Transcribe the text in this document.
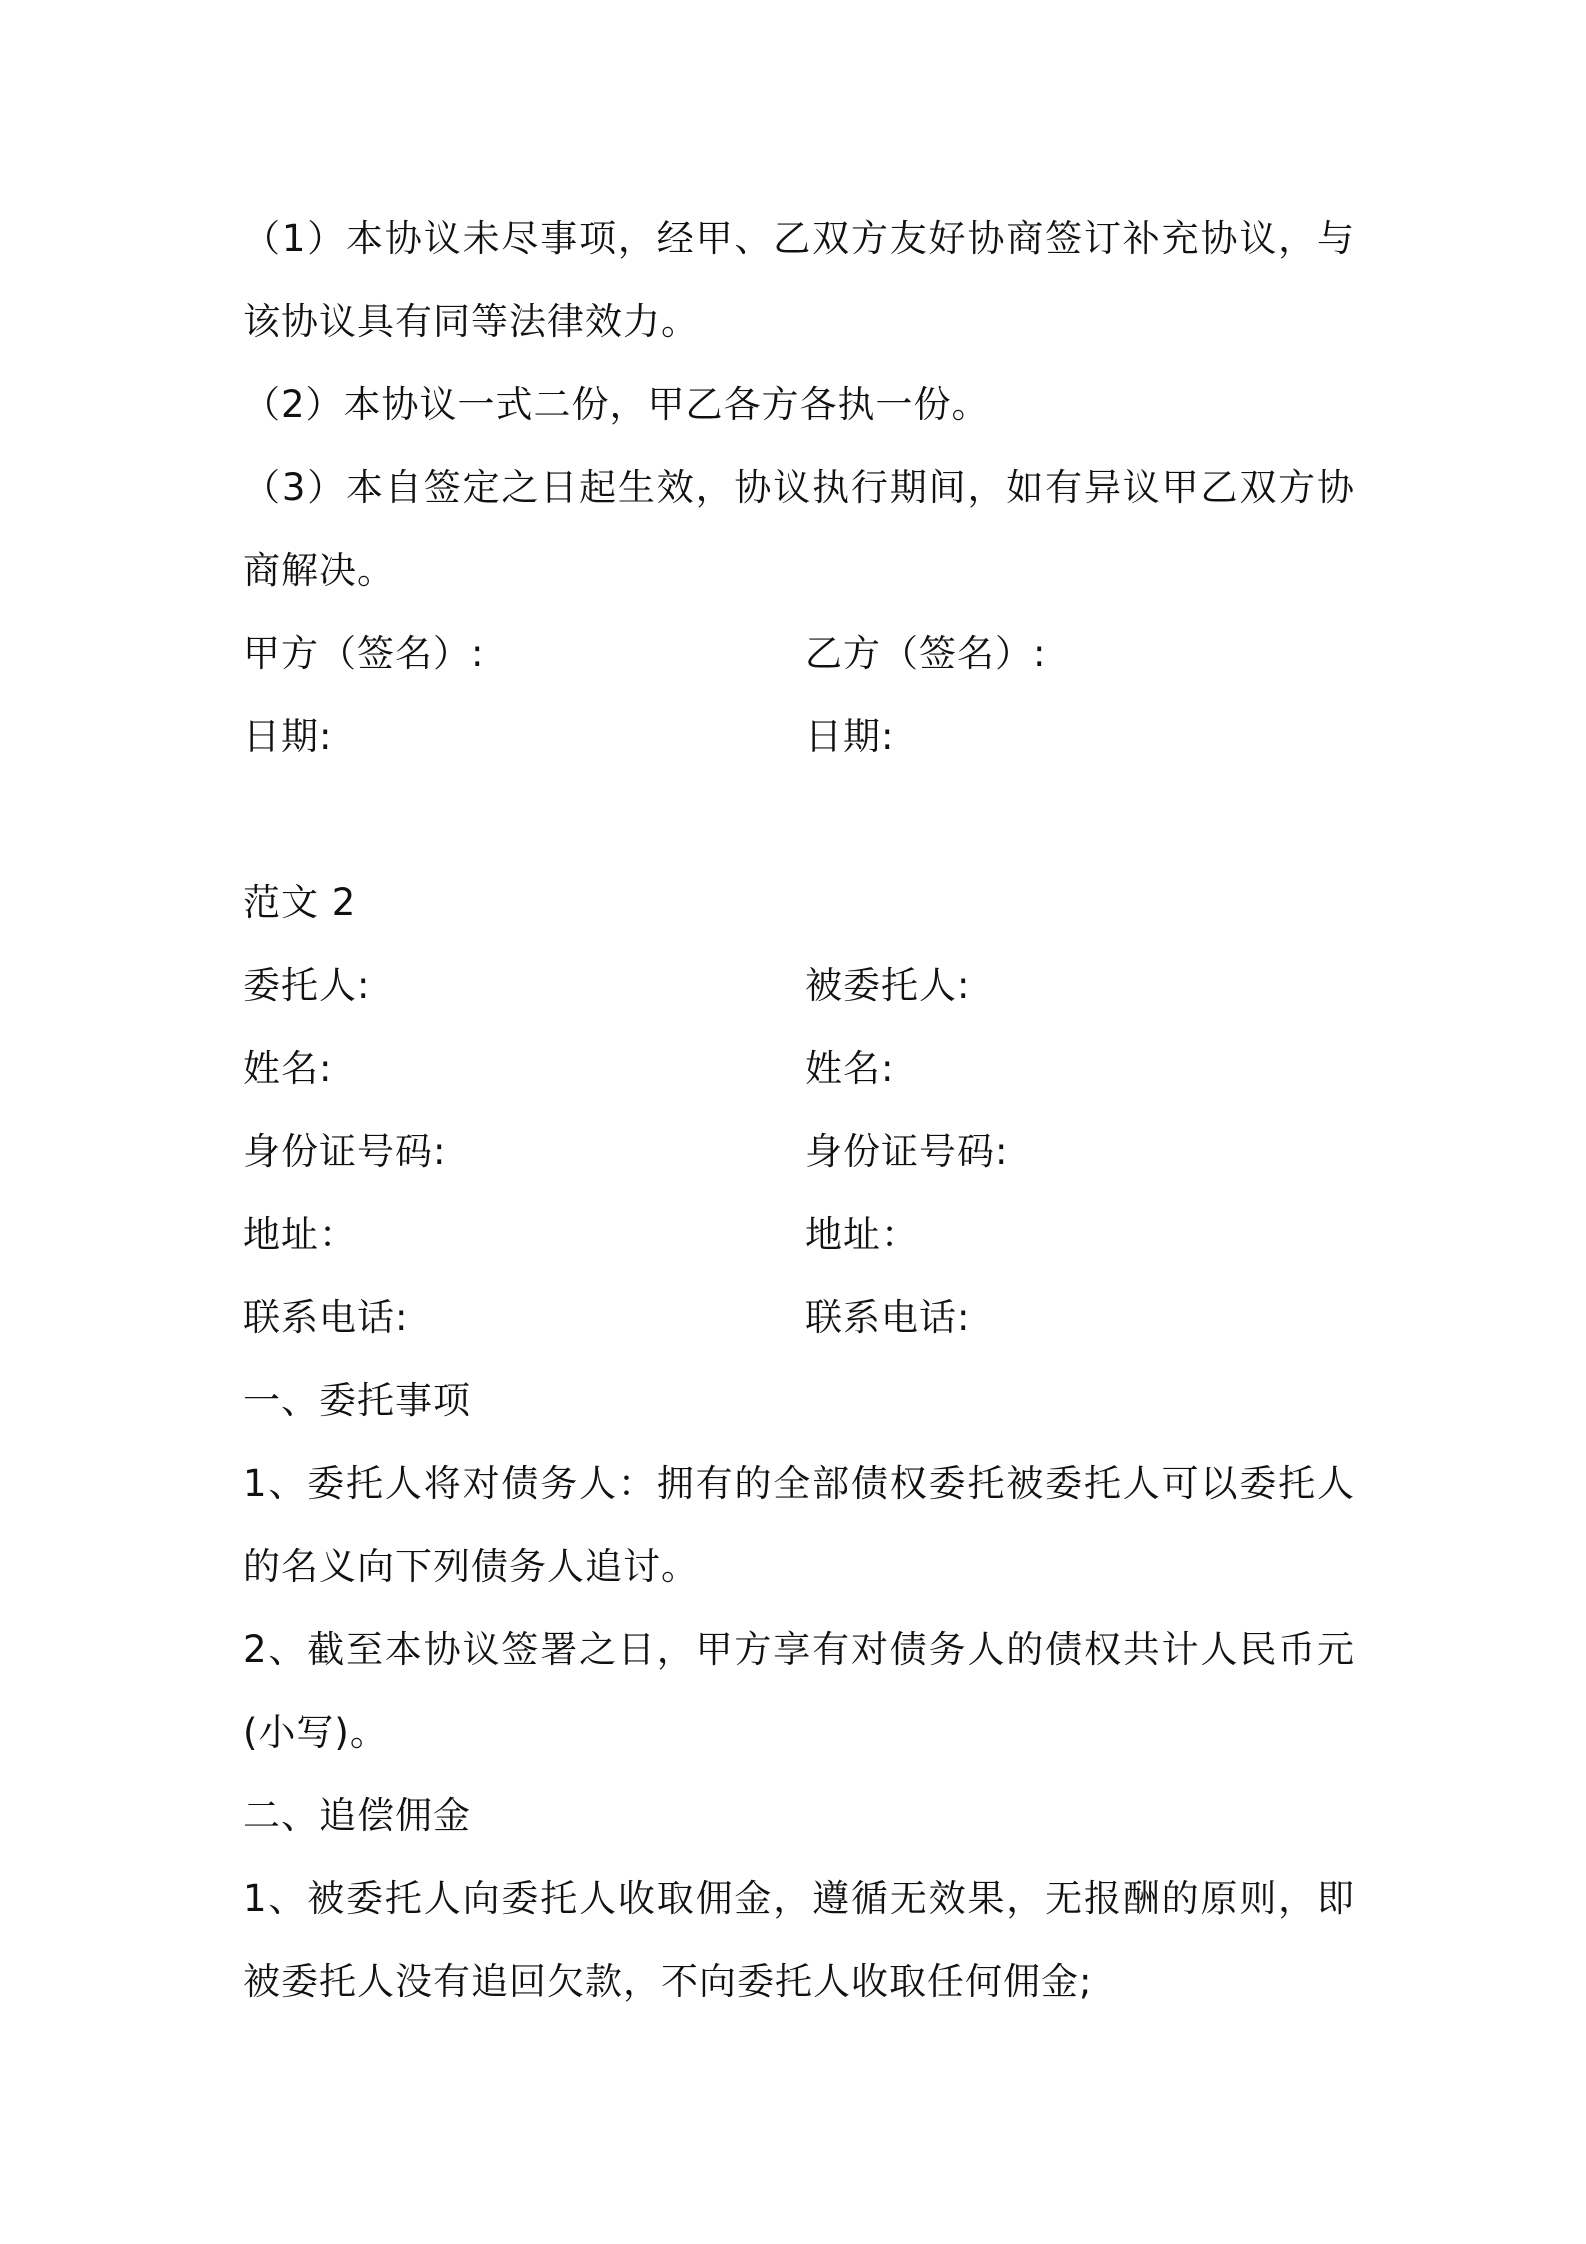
（1）本协议未尽事项，经甲、乙双方友好协商签订补充协议，与该协议具有同等法律效力。

（2）本协议一式二份，甲乙各方各执一份。

（3）本自签定之日起生效，协议执行期间，如有异议甲乙双方协商解决。

甲方（签名）:	乙方（签名）:
日期:	日期:
范文 2
委托人:	被委托人:
姓名:	姓名:
身份证号码:	身份证号码:
地址：	地址：
联系电话:	联系电话:
一、委托事项

1、委托人将对债务人：拥有的全部债权委托被委托人可以委托人的名义向下列债务人追讨。

2、截至本协议签署之日，甲方享有对债务人的债权共计人民币元(小写)。

二、追偿佣金

1、被委托人向委托人收取佣金，遵循无效果，无报酬的原则，即被委托人没有追回欠款，不向委托人收取任何佣金;
